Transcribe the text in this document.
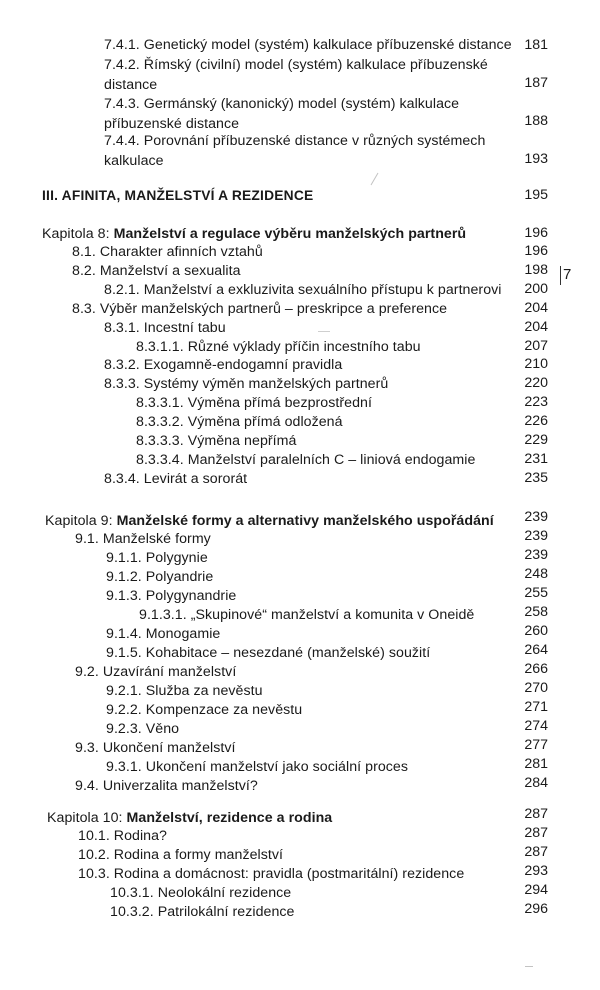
7.4.1. Genetický model (systém) kalkulace příbuzenské distance 181
7.4.2. Římský (civilní) model (systém) kalkulace příbuzenské distance	187
7.4.3. Germánský (kanonický) model (systém) kalkulace příbuzenské distance	188
7.4.4. Porovnání příbuzenské distance v různých systémech kalkulace	193
III. AFINITA, MANŽELSTVÍ A REZIDENCE	195
Kapitola 8: Manželství a regulace výběru manželských partnerů	196
8.1. Charakter afinních vztahů	196
8.2. Manželství a sexualita	198
8.2.1. Manželství a exkluzivita sexuálního přístupu k partnerovi	200
8.3. Výběr manželských partnerů – preskripce a preference	204
8.3.1. Incestní tabu	204
8.3.1.1. Různé výklady příčin incestního tabu	207
8.3.2. Exogamně-endogamní pravidla	210
8.3.3. Systémy výměn manželských partnerů	220
8.3.3.1. Výměna přímá bezprostřední	223
8.3.3.2. Výměna přímá odložená	226
8.3.3.3. Výměna nepřímá	229
8.3.3.4. Manželství paralelních C – liniová endogamie	231
8.3.4. Levirát a sororát	235
Kapitola 9: Manželské formy a alternativy manželského uspořádání	239
9.1. Manželské formy	239
9.1.1. Polygynie	239
9.1.2. Polyandrie	248
9.1.3. Polygynandrie	255
9.1.3.1. „Skupinové“ manželství a komunita v Oneidě	258
9.1.4. Monogamie	260
9.1.5. Kohabitace – nesezdané (manželské) soužití	264
9.2. Uzavírání manželství	266
9.2.1. Služba za nevěstu	270
9.2.2. Kompenzace za nevěstu	271
9.2.3. Věno	274
9.3. Ukončení manželství	277
9.3.1. Ukončení manželství jako sociální proces	281
9.4. Univerzalita manželství?	284
Kapitola 10: Manželství, rezidence a rodina	287
10.1. Rodina?	287
10.2. Rodina a formy manželství	287
10.3. Rodina a domácnost: pravidla (postmaritální) rezidence	293
10.3.1. Neolokální rezidence	294
10.3.2. Patrilokální rezidence	296
7
